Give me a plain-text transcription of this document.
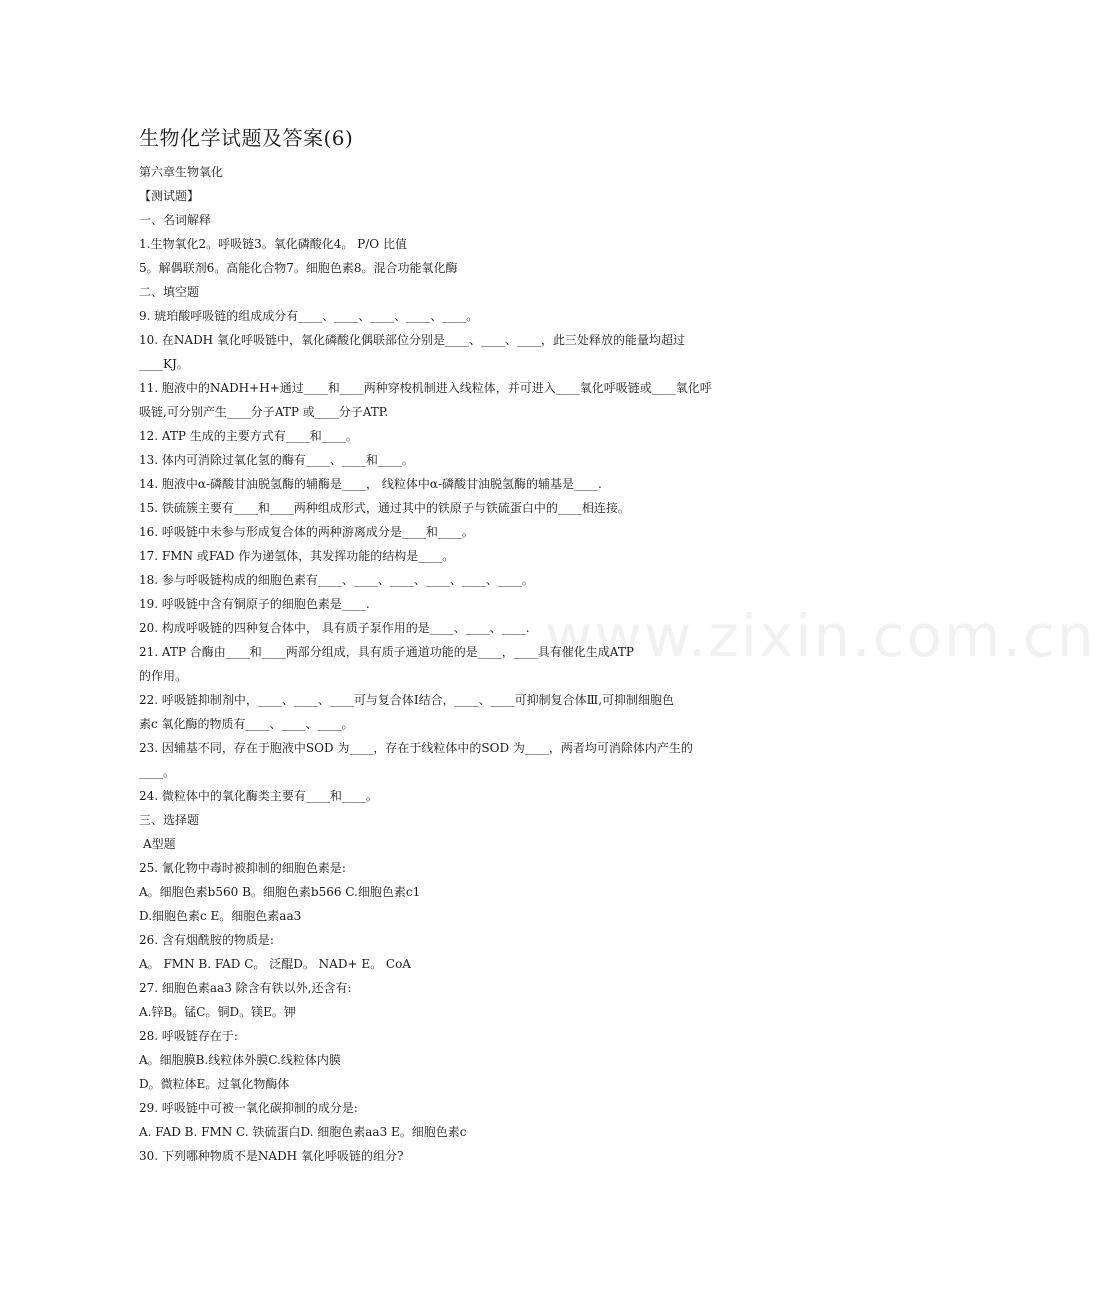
生物化学试题及答案(6)
第六章生物氧化
【测试题】
一、名词解释
1.生物氧化2。呼吸链3。氧化磷酸化4。 P/O 比值
5。解偶联剂6。高能化合物7。细胞色素8。混合功能氧化酶
二、填空题
9. 琥珀酸呼吸链的组成成分有____、____、____、____、____。
10. 在NADH 氧化呼吸链中，氧化磷酸化偶联部位分别是____、____、____，此三处释放的能量均超过
____KJ。
11. 胞液中的NADH+H+通过____和____两种穿梭机制进入线粒体，并可进入____氧化呼吸链或____氧化呼
吸链,可分别产生____分子ATP 或____分子ATP.
12. ATP 生成的主要方式有____和____。
13. 体内可消除过氧化氢的酶有____、____和____。
14. 胞液中α-磷酸甘油脱氢酶的辅酶是____， 线粒体中α-磷酸甘油脱氢酶的辅基是____.
15. 铁硫簇主要有____和____两种组成形式，通过其中的铁原子与铁硫蛋白中的____相连接。
16. 呼吸链中未参与形成复合体的两种游离成分是____和____。
17. FMN 或FAD 作为递氢体，其发挥功能的结构是____。
18. 参与呼吸链构成的细胞色素有____、____、____、____、____、____。
19. 呼吸链中含有铜原子的细胞色素是____.
20. 构成呼吸链的四种复合体中， 具有质子泵作用的是____、____、____.
21. ATP 合酶由____和____两部分组成，具有质子通道功能的是____，____具有催化生成ATP
的作用。
22. 呼吸链抑制剂中，____、____、____可与复合体Ⅰ结合，____、____可抑制复合体Ⅲ,可抑制细胞色
素c 氧化酶的物质有____、____、____。
23. 因辅基不同，存在于胞液中SOD 为____，存在于线粒体中的SOD 为____，两者均可消除体内产生的
____。
24. 微粒体中的氧化酶类主要有____和____。
三、选择题
A型题
25. 氰化物中毒时被抑制的细胞色素是:
A。细胞色素b560 B。细胞色素b566 C.细胞色素c1
D.细胞色素c E。细胞色素aa3
26. 含有烟酰胺的物质是:
A。 FMN B. FAD C。 泛醌D。 NAD+ E。 CoA
27. 细胞色素aa3 除含有铁以外,还含有:
A.锌B。锰C。铜D。镁E。钾
28. 呼吸链存在于:
A。细胞膜B.线粒体外膜C.线粒体内膜
D。微粒体E。过氧化物酶体
29. 呼吸链中可被一氧化碳抑制的成分是:
A. FAD B. FMN C. 铁硫蛋白D. 细胞色素aa3 E。细胞色素c
30. 下列哪种物质不是NADH 氧化呼吸链的组分?
www.zixin.com.cn
